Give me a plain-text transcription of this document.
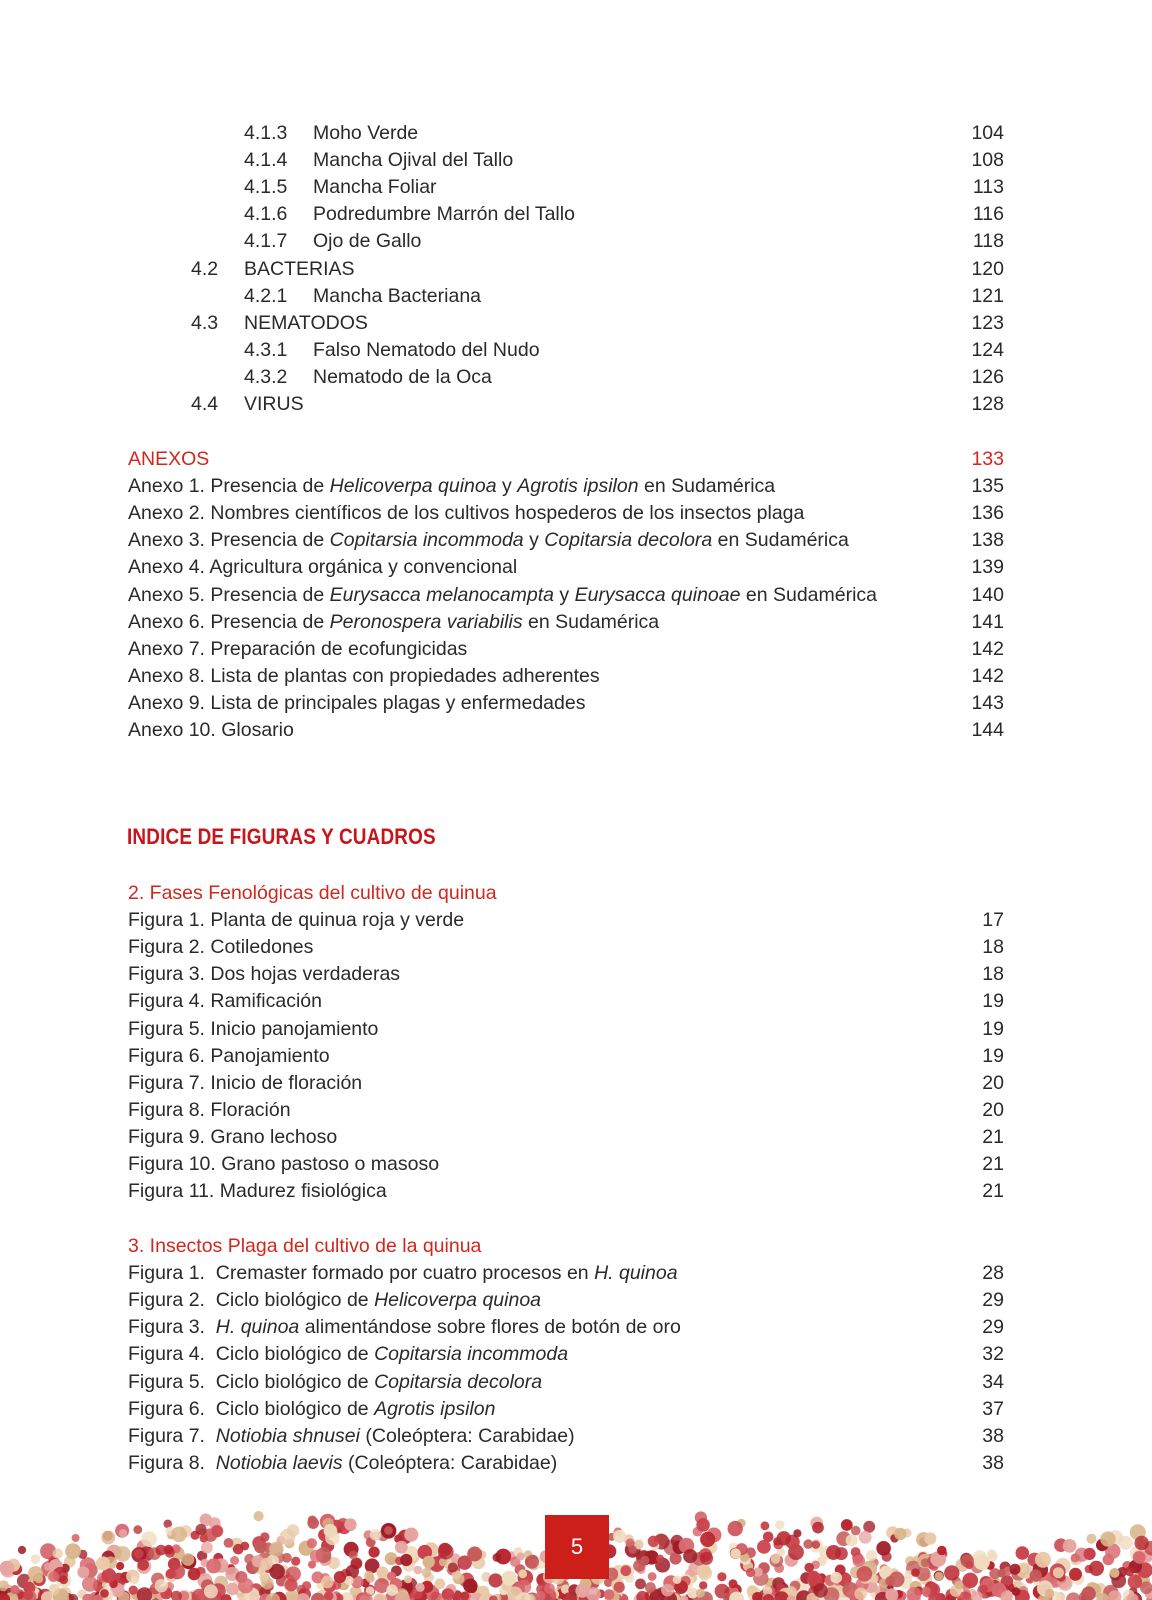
4.1.3 Moho Verde	104
4.1.4 Mancha Ojival del Tallo	108
4.1.5 Mancha Foliar	113
4.1.6 Podredumbre Marrón del Tallo	116
4.1.7 Ojo de Gallo	118
4.2 BACTERIAS	120
4.2.1 Mancha Bacteriana	121
4.3 NEMATODOS	123
4.3.1 Falso Nematodo del Nudo	124
4.3.2 Nematodo de la Oca	126
4.4 VIRUS	128
ANEXOS	133
Anexo 1. Presencia de Helicoverpa quinoa y Agrotis ipsilon en Sudamérica	135
Anexo 2. Nombres científicos de los cultivos hospederos de los insectos plaga	136
Anexo 3. Presencia de Copitarsia incommoda y Copitarsia decolora en Sudamérica	138
Anexo 4. Agricultura orgánica y convencional	139
Anexo 5. Presencia de Eurysacca melanocampta y Eurysacca quinoae en Sudamérica	140
Anexo 6. Presencia de Peronospera variabilis en Sudamérica	141
Anexo 7. Preparación de ecofungicidas	142
Anexo 8. Lista de plantas con propiedades adherentes	142
Anexo 9. Lista de principales plagas y enfermedades	143
Anexo 10. Glosario	144
INDICE DE FIGURAS Y CUADROS
2. Fases Fenológicas del cultivo de quinua
Figura 1. Planta de quinua roja y verde	17
Figura 2. Cotiledones	18
Figura 3. Dos hojas verdaderas	18
Figura 4. Ramificación	19
Figura 5. Inicio panojamiento	19
Figura 6. Panojamiento	19
Figura 7. Inicio de floración	20
Figura 8. Floración	20
Figura 9. Grano lechoso	21
Figura 10. Grano pastoso o masoso	21
Figura 11. Madurez fisiológica	21
3. Insectos Plaga del cultivo de la quinua
Figura 1.  Cremaster formado por cuatro procesos en H. quinoa	28
Figura 2.  Ciclo biológico de Helicoverpa quinoa	29
Figura 3.  H. quinoa alimentándose sobre flores de botón de oro	29
Figura 4.  Ciclo biológico de Copitarsia incommoda	32
Figura 5.  Ciclo biológico de Copitarsia decolora	34
Figura 6.  Ciclo biológico de Agrotis ipsilon	37
Figura 7.  Notiobia shnusei (Coleóptera: Carabidae)	38
Figura 8.  Notiobia laevis (Coleóptera: Carabidae)	38
5
